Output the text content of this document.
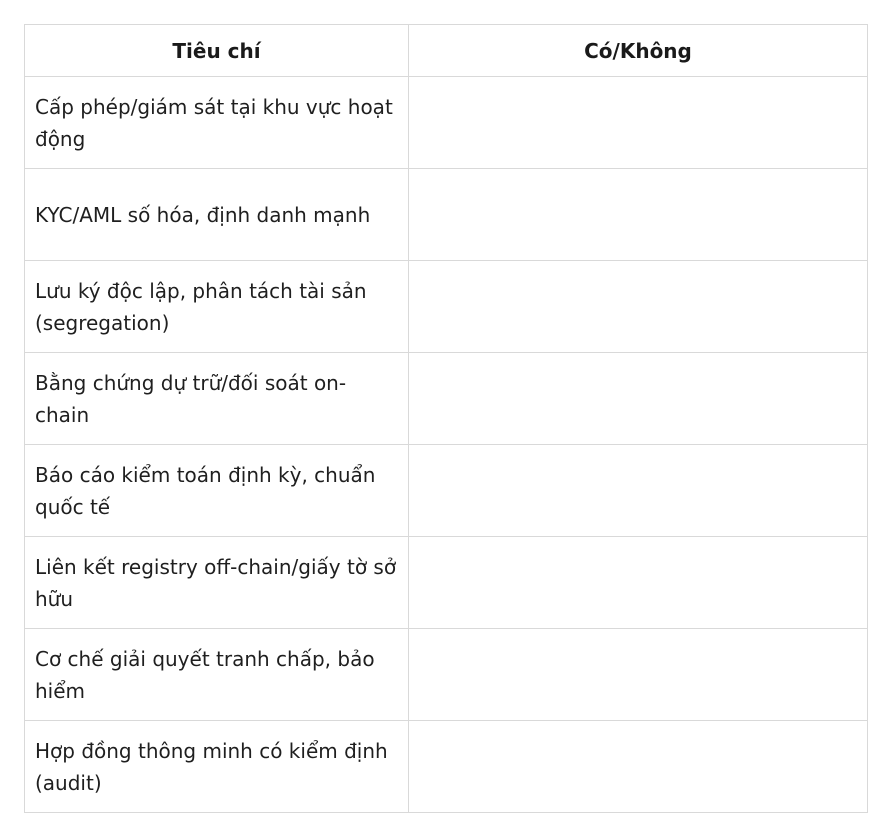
Tiêu chí	Có/Không
Cấp phép/giám sát tại khu vực hoạt động	
KYC/AML số hóa, định danh mạnh	
Lưu ký độc lập, phân tách tài sản (segregation)	
Bằng chứng dự trữ/đối soát on-chain	
Báo cáo kiểm toán định kỳ, chuẩn quốc tế	
Liên kết registry off-chain/giấy tờ sở hữu	
Cơ chế giải quyết tranh chấp, bảo hiểm	
Hợp đồng thông minh có kiểm định (audit)	
